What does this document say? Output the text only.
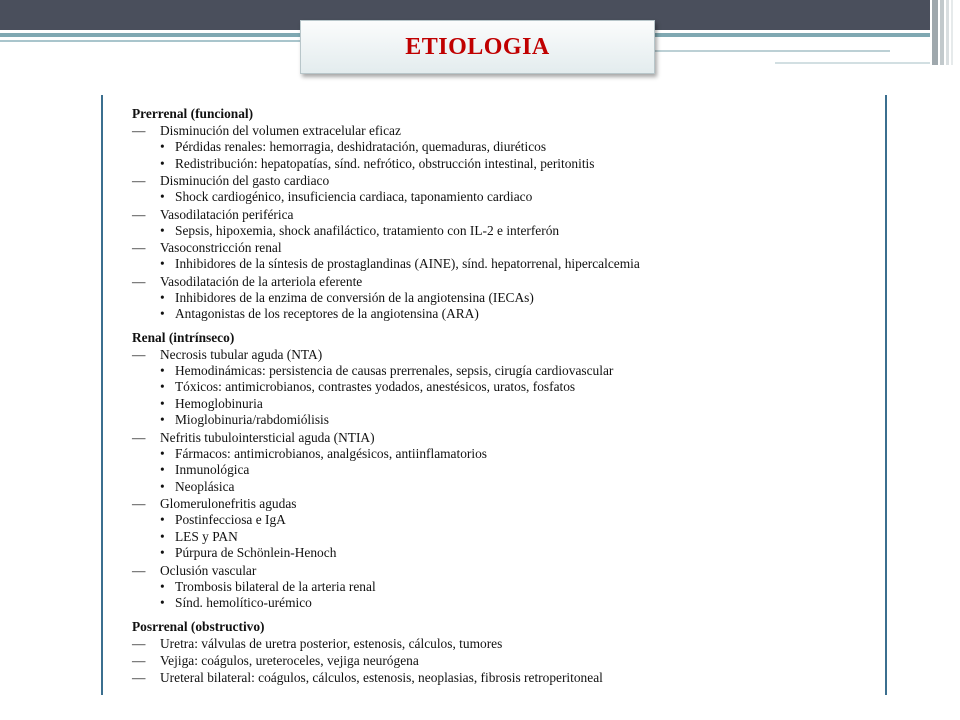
ETIOLOGIA
Prerrenal (funcional)
— Disminución del volumen extracelular eficaz
• Pérdidas renales: hemorragia, deshidratación, quemaduras, diuréticos
• Redistribución: hepatopatías, sínd. nefrótico, obstrucción intestinal, peritonitis
— Disminución del gasto cardiaco
• Shock cardiogénico, insuficiencia cardiaca, taponamiento cardiaco
— Vasodilatación periférica
• Sepsis, hipoxemia, shock anafiláctico, tratamiento con IL-2 e interferón
— Vasoconstricción renal
• Inhibidores de la síntesis de prostaglandinas (AINE), sínd. hepatorrenal, hipercalcemia
— Vasodilatación de la arteriola eferente
• Inhibidores de la enzima de conversión de la angiotensina (IECAs)
• Antagonistas de los receptores de la angiotensina (ARA)
Renal (intrínseco)
— Necrosis tubular aguda (NTA)
• Hemodinámicas: persistencia de causas prerrenales, sepsis, cirugía cardiovascular
• Tóxicos: antimicrobianos, contrastes yodados, anestésicos, uratos, fosfatos
• Hemoglobinuria
• Mioglobinuria/rabdomiólisis
— Nefritis tubulointersticial aguda (NTIA)
• Fármacos: antimicrobianos, analgésicos, antiinflamatorios
• Inmunológica
• Neoplásica
— Glomerulonefritis agudas
• Postinfecciosa e IgA
• LES y PAN
• Púrpura de Schönlein-Henoch
— Oclusión vascular
• Trombosis bilateral de la arteria renal
• Sínd. hemolítico-urémico
Posrrenal (obstructivo)
— Uretra: válvulas de uretra posterior, estenosis, cálculos, tumores
— Vejiga: coágulos, ureteroceles, vejiga neurógena
— Ureteral bilateral: coágulos, cálculos, estenosis, neoplasias, fibrosis retroperitoneal
